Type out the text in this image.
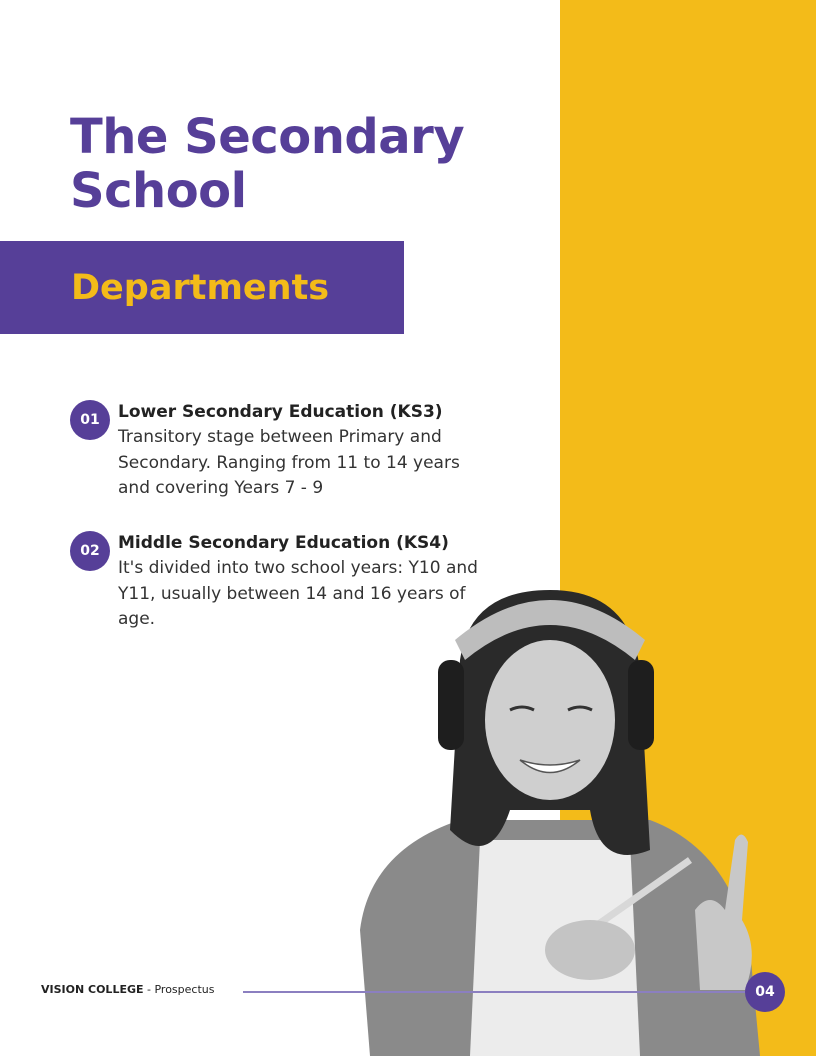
The Secondary
School
Departments
01	Lower Secondary Education (KS3)
Transitory stage between Primary and Secondary. Ranging from 11 to 14 years and covering Years 7 - 9
02	Middle Secondary Education (KS4)
It's divided into two school years: Y10 and Y11, usually between 14 and 16 years of age.
VISION COLLEGE - Prospectus	04
